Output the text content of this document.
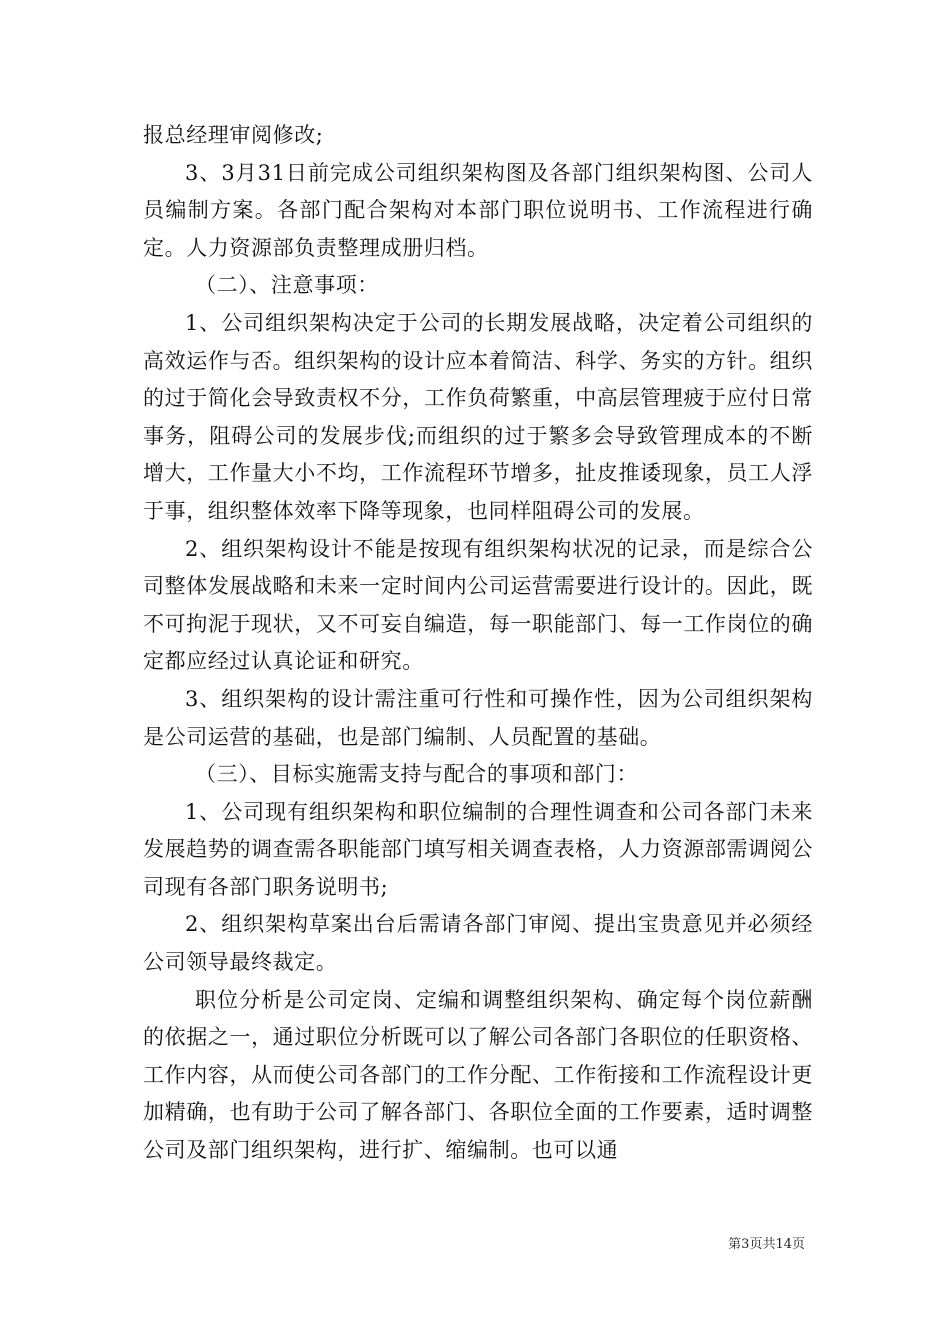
报总经理审阅修改;

3、3月31日前完成公司组织架构图及各部门组织架构图、公司人员编制方案。各部门配合架构对本部门职位说明书、工作流程进行确定。人力资源部负责整理成册归档。

（二）、注意事项：

1、公司组织架构决定于公司的长期发展战略，决定着公司组织的高效运作与否。组织架构的设计应本着简洁、科学、务实的方针。组织的过于简化会导致责权不分，工作负荷繁重，中高层管理疲于应付日常事务，阻碍公司的发展步伐;而组织的过于繁多会导致管理成本的不断增大，工作量大小不均，工作流程环节增多，扯皮推诿现象，员工人浮于事，组织整体效率下降等现象，也同样阻碍公司的发展。

2、组织架构设计不能是按现有组织架构状况的记录，而是综合公司整体发展战略和未来一定时间内公司运营需要进行设计的。因此，既不可拘泥于现状，又不可妄自编造，每一职能部门、每一工作岗位的确定都应经过认真论证和研究。

3、组织架构的设计需注重可行性和可操作性，因为公司组织架构是公司运营的基础，也是部门编制、人员配置的基础。

（三）、目标实施需支持与配合的事项和部门：

1、公司现有组织架构和职位编制的合理性调查和公司各部门未来发展趋势的调查需各职能部门填写相关调查表格，人力资源部需调阅公司现有各部门职务说明书;

2、组织架构草案出台后需请各部门审阅、提出宝贵意见并必须经公司领导最终裁定。

职位分析是公司定岗、定编和调整组织架构、确定每个岗位薪酬的依据之一，通过职位分析既可以了解公司各部门各职位的任职资格、工作内容，从而使公司各部门的工作分配、工作衔接和工作流程设计更加精确，也有助于公司了解各部门、各职位全面的工作要素，适时调整公司及部门组织架构，进行扩、缩编制。也可以通

第3页共14页
